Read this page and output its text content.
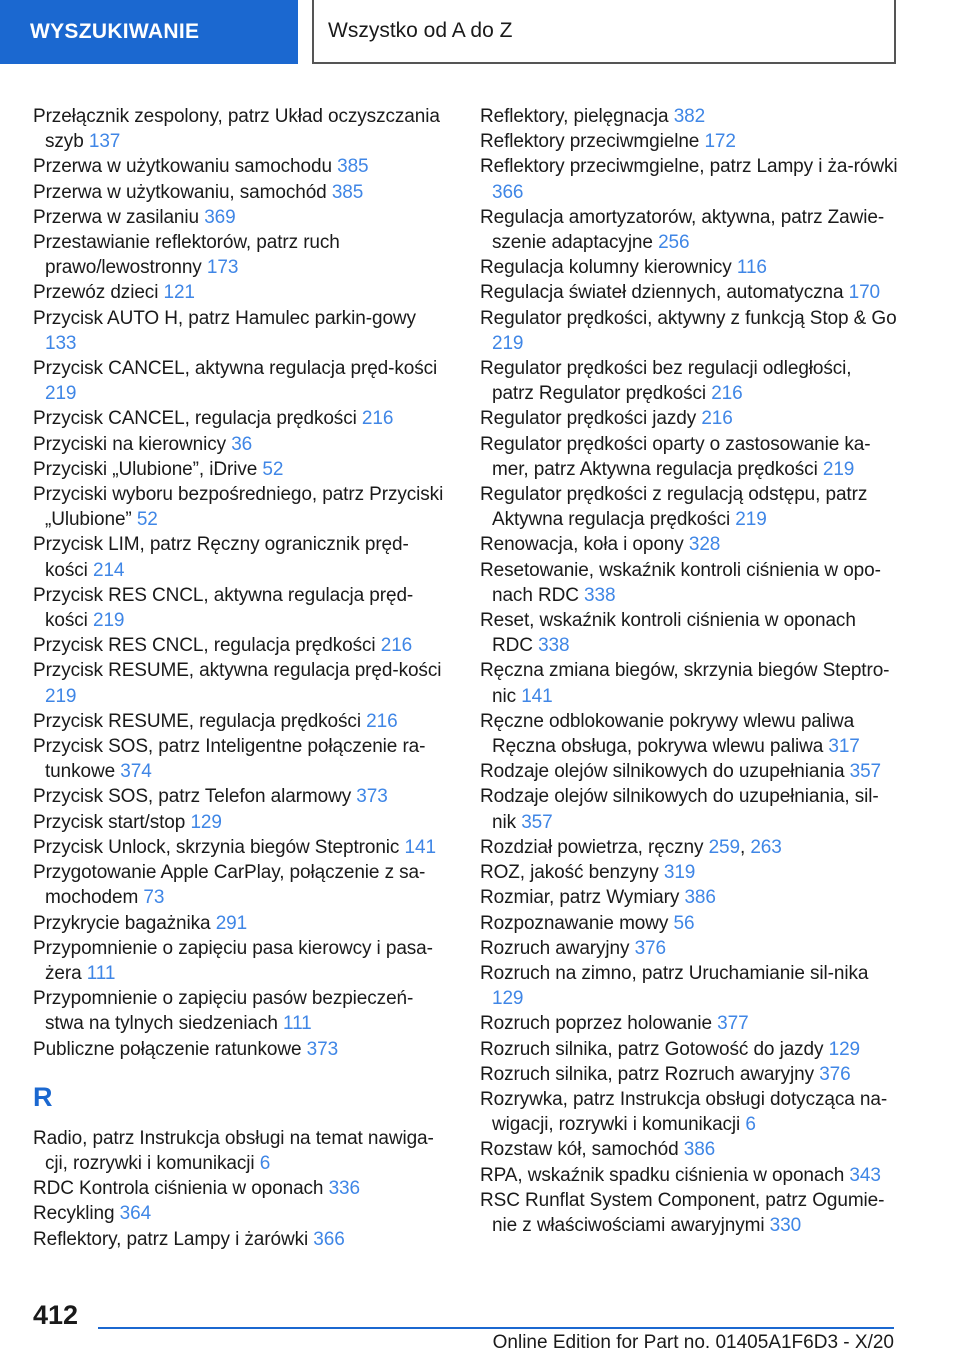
WYSZUKIWANIE	Wszystko od A do Z
Przełącznik zespolony, patrz Układ oczyszczania szyb 137
Przerwa w użytkowaniu samochodu 385
Przerwa w użytkowaniu, samochód 385
Przerwa w zasilaniu 369
Przestawianie reflektorów, patrz ruch prawo/lewostronny 173
Przewóz dzieci 121
Przycisk AUTO H, patrz Hamulec parkin-gowy 133
Przycisk CANCEL, aktywna regulacja pręd-kości 219
Przycisk CANCEL, regulacja prędkości 216
Przyciski na kierownicy 36
Przyciski „Ulubione”, iDrive 52
Przyciski wyboru bezpośredniego, patrz Przyciski „Ulubione” 52
Przycisk LIM, patrz Ręczny ogranicznik pręd-kości 214
Przycisk RES CNCL, aktywna regulacja pręd-kości 219
Przycisk RES CNCL, regulacja prędkości 216
Przycisk RESUME, aktywna regulacja pręd-kości 219
Przycisk RESUME, regulacja prędkości 216
Przycisk SOS, patrz Inteligentne połączenie ra-tunkowe 374
Przycisk SOS, patrz Telefon alarmowy 373
Przycisk start/stop 129
Przycisk Unlock, skrzynia biegów Steptronic 141
Przygotowanie Apple CarPlay, połączenie z sa-mochodem 73
Przykrycie bagażnika 291
Przypomnienie o zapięciu pasa kierowcy i pasa-żera 111
Przypomnienie o zapięciu pasów bezpieczeń-stwa na tylnych siedzeniach 111
Publiczne połączenie ratunkowe 373
R
Radio, patrz Instrukcja obsługi na temat nawiga-cji, rozrywki i komunikacji 6
RDC Kontrola ciśnienia w oponach 336
Recykling 364
Reflektory, patrz Lampy i żarówki 366
Reflektory, pielęgnacja 382
Reflektory przeciwmgielne 172
Reflektory przeciwmgielne, patrz Lampy i ża-rówki 366
Regulacja amortyzatorów, aktywna, patrz Zawie-szenie adaptacyjne 256
Regulacja kolumny kierownicy 116
Regulacja świateł dziennych, automatyczna 170
Regulator prędkości, aktywny z funkcją Stop & Go 219
Regulator prędkości bez regulacji odległości, patrz Regulator prędkości 216
Regulator prędkości jazdy 216
Regulator prędkości oparty o zastosowanie ka-mer, patrz Aktywna regulacja prędkości 219
Regulator prędkości z regulacją odstępu, patrz Aktywna regulacja prędkości 219
Renowacja, koła i opony 328
Resetowanie, wskaźnik kontroli ciśnienia w opo-nach RDC 338
Reset, wskaźnik kontroli ciśnienia w oponach RDC 338
Ręczna zmiana biegów, skrzynia biegów Steptro-nic 141
Ręczne odblokowanie pokrywy wlewu paliwa Ręczna obsługa, pokrywa wlewu paliwa 317
Rodzaje olejów silnikowych do uzupełniania 357
Rodzaje olejów silnikowych do uzupełniania, sil-nik 357
Rozdział powietrza, ręczny 259, 263
ROZ, jakość benzyny 319
Rozmiar, patrz Wymiary 386
Rozpoznawanie mowy 56
Rozruch awaryjny 376
Rozruch na zimno, patrz Uruchamianie sil-nika 129
Rozruch poprzez holowanie 377
Rozruch silnika, patrz Gotowość do jazdy 129
Rozruch silnika, patrz Rozruch awaryjny 376
Rozrywka, patrz Instrukcja obsługi dotycząca na-wigacji, rozrywki i komunikacji 6
Rozstaw kół, samochód 386
RPA, wskaźnik spadku ciśnienia w oponach 343
RSC Runflat System Component, patrz Ogumie-nie z właściwościami awaryjnymi 330
412
Online Edition for Part no. 01405A1F6D3 - X/20
